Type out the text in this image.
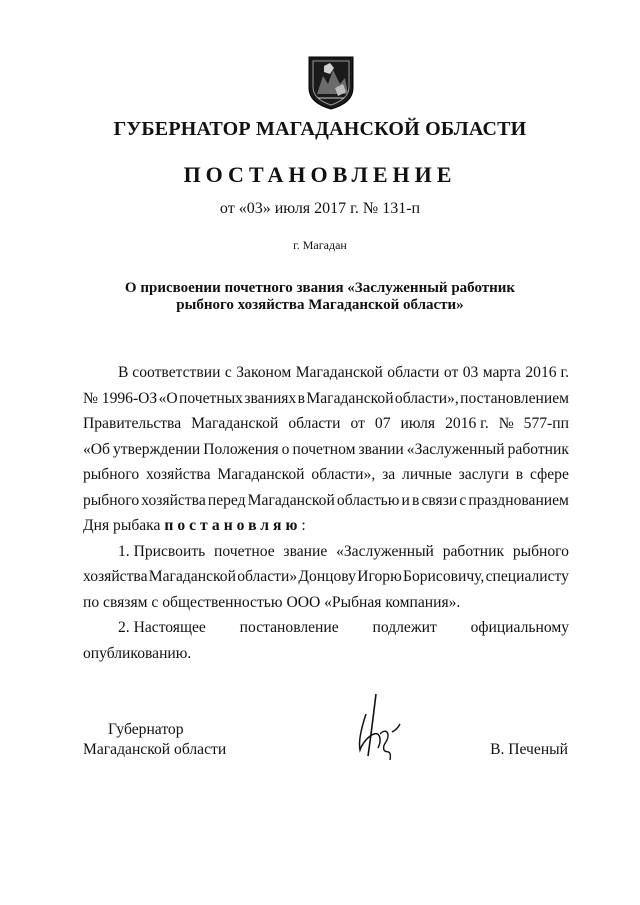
ГУБЕРНАТОР МАГАДАНСКОЙ ОБЛАСТИ
ПОСТАНОВЛЕНИЕ
от «03» июля 2017 г. № 131-п
г. Магадан
О присвоении почетного звания «Заслуженный работник
рыбного хозяйства Магаданской области»
В соответствии с Законом Магаданской области от 03 марта 2016 г.
№ 1996-ОЗ «О почетных званиях в Магаданской области», постановлением
Правительства Магаданской области от 07 июля 2016 г. № 577-пп
«Об утверждении Положения о почетном звании «Заслуженный работник
рыбного хозяйства Магаданской области», за личные заслуги в сфере
рыбного хозяйства перед Магаданской областью и в связи с празднованием
Дня рыбака постановляю :
1. Присвоить почетное звание «Заслуженный работник рыбного
хозяйства Магаданской области» Донцову Игорю Борисовичу, специалисту
по связям с общественностью ООО «Рыбная компания».
2. Настоящее постановление подлежит официальному
опубликованию.
Губернатор
Магаданской области	В. Печеный
